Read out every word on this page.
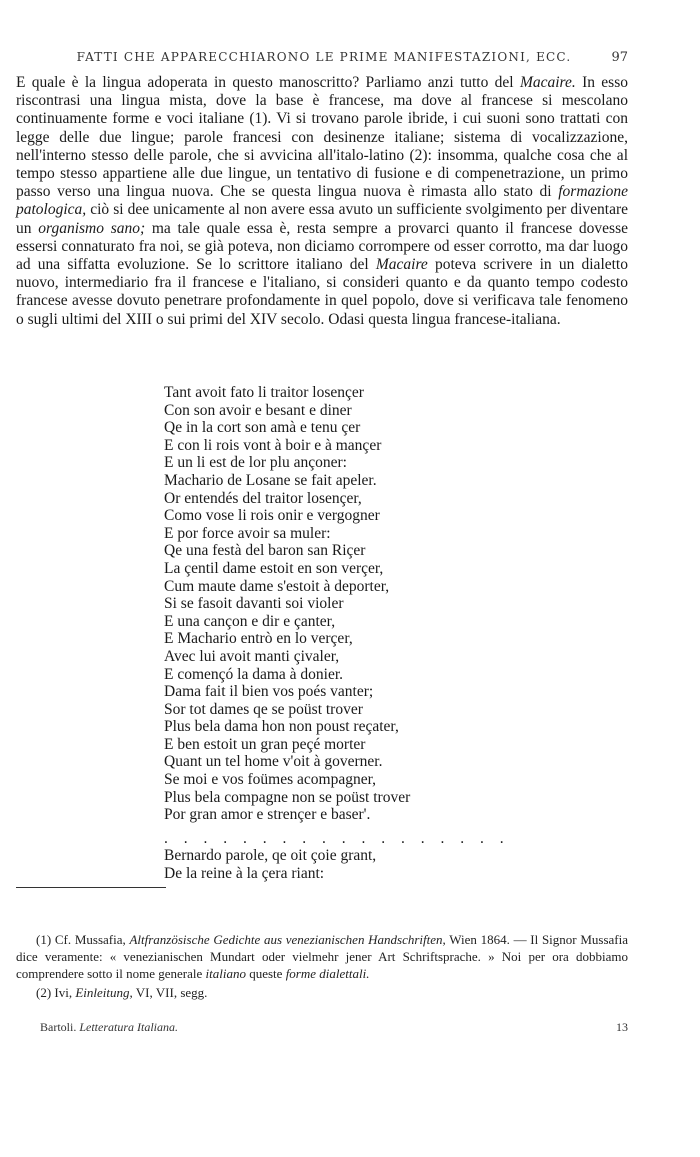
FATTI CHE APPARECCHIARONO LE PRIME MANIFESTAZIONI, ECC.	97
E quale è la lingua adoperata in questo manoscritto? Parliamo anzi tutto del Macaire. In esso riscontrasi una lingua mista, dove la base è francese, ma dove al francese si mescolano continuamente forme e voci italiane (1). Vi si trovano parole ibride, i cui suoni sono trattati con legge delle due lingue; parole francesi con desinenze italiane; sistema di vocalizzazione, nell'interno stesso delle parole, che si avvicina all'italo-latino (2): insomma, qualche cosa che al tempo stesso appartiene alle due lingue, un tentativo di fusione e di compenetrazione, un primo passo verso una lingua nuova. Che se questa lingua nuova è rimasta allo stato di formazione patologica, ciò si dee unicamente al non avere essa avuto un sufficiente svolgimento per diventare un organismo sano; ma tale quale essa è, resta sempre a provarci quanto il francese dovesse essersi connaturato fra noi, se già poteva, non diciamo corrompere od esser corrotto, ma dar luogo ad una siffatta evoluzione. Se lo scrittore italiano del Macaire poteva scrivere in un dialetto nuovo, intermediario fra il francese e l'italiano, si consideri quanto e da quanto tempo codesto francese avesse dovuto penetrare profondamente in quel popolo, dove si verificava tale fenomeno o sugli ultimi del XIII o sui primi del XIV secolo. Odasi questa lingua francese-italiana.
Tant avoit fato li traitor losençer
Con son avoir e besant e diner
Qe in la cort son amà e tenu çer
E con li rois vont à boir e à mançer
E un li est de lor plu ançoner:
Machario de Losane se fait apeler.
Or entendés del traitor losençer,
Como vose li rois onir e vergogner
E por force avoir sa muler:
Qe una festà del baron san Riçer
La çentil dame estoit en son verçer,
Cum maute dame s'estoit à deporter,
Si se fasoit davanti soi violer
E una cançon e dir e çanter,
E Machario entrò en lo verçer,
Avec lui avoit manti çivaler,
E començó la dama à donier.
Dama fait il bien vos poés vanter;
Sor tot dames qe se poüst trover
Plus bela dama hon non poust reçater,
E ben estoit un gran peçé morter
Quant un tel home v'oit à governer.
Se moi e vos foümes acompagner,
Plus bela compagne non se poüst trover
Por gran amor e strençer e baser'.
. . . . . . . . . . . . . . . . . .
Bernardo parole, qe oit çoie grant,
De la reine à la çera riant:

(1) Cf. Mussafia, Altfranzösische Gedichte aus venezianischen Handschriften, Wien 1864. — Il Signor Mussafia dice veramente: « venezianischen Mundart oder vielmehr jener Art Schriftsprache. » Noi per ora dobbiamo comprendere sotto il nome generale italiano queste forme dialettali.

(2) Ivi, Einleitung, VI, VII, segg.

Bartoli. Letteratura Italiana.	13
